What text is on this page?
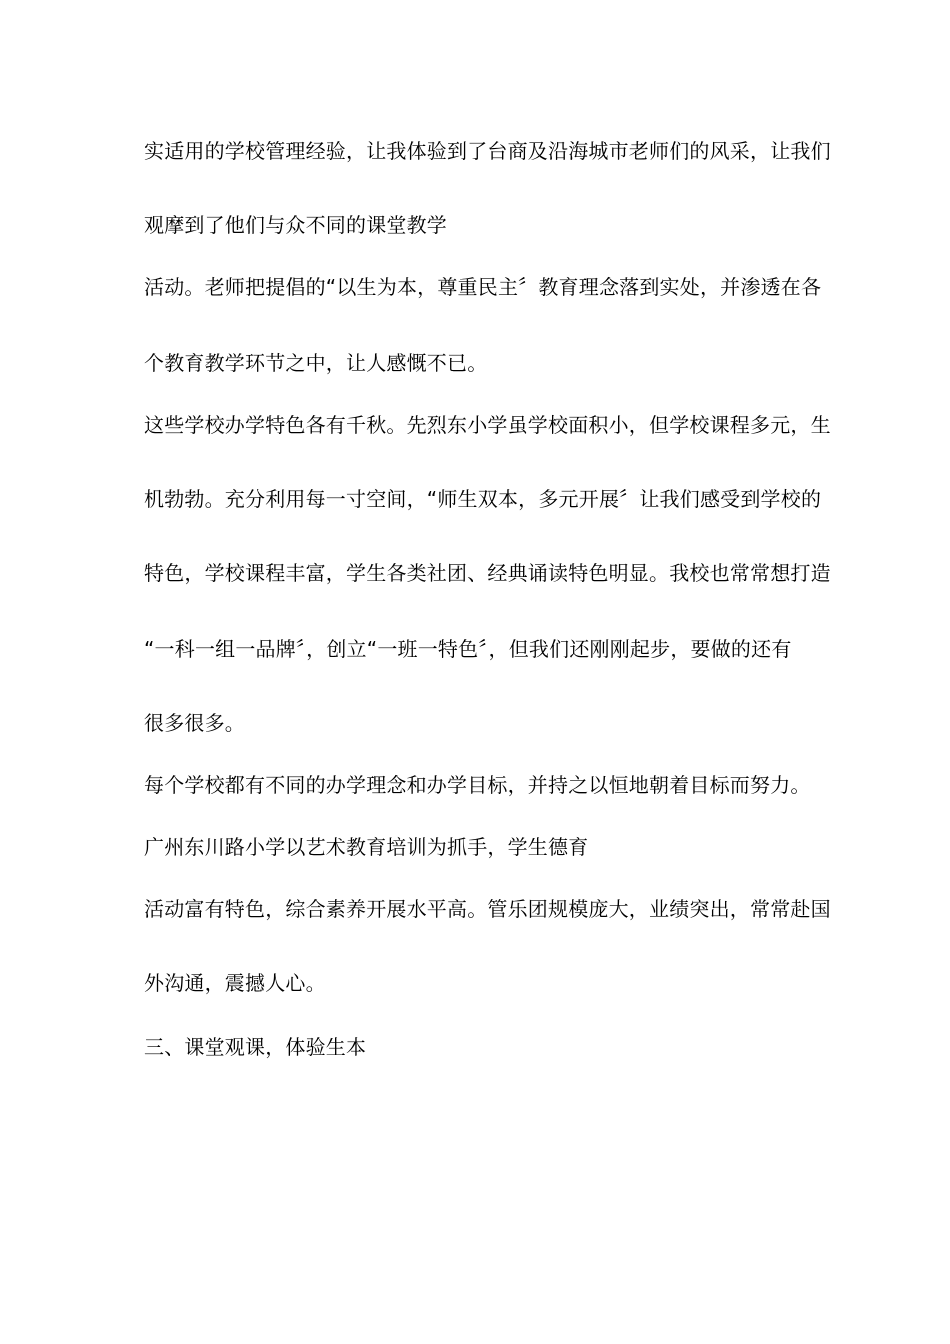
实适用的学校管理经验，让我体验到了台商及沿海城市老师们的风采，让我们
观摩到了他们与众不同的课堂教学
活动。老师把提倡的“以生为本，尊重民主〞教育理念落到实处，并渗透在各
个教育教学环节之中，让人感慨不已。
这些学校办学特色各有千秋。先烈东小学虽学校面积小，但学校课程多元，生
机勃勃。充分利用每一寸空间，“师生双本，多元开展〞让我们感受到学校的
特色，学校课程丰富，学生各类社团、经典诵读特色明显。我校也常常想打造
“一科一组一品牌〞，创立“一班一特色〞，但我们还刚刚起步，要做的还有
很多很多。
每个学校都有不同的办学理念和办学目标，并持之以恒地朝着目标而努力。
广州东川路小学以艺术教育培训为抓手，学生德育
活动富有特色，综合素养开展水平高。管乐团规模庞大，业绩突出，常常赴国
外沟通，震撼人心。
三、课堂观课，体验生本
